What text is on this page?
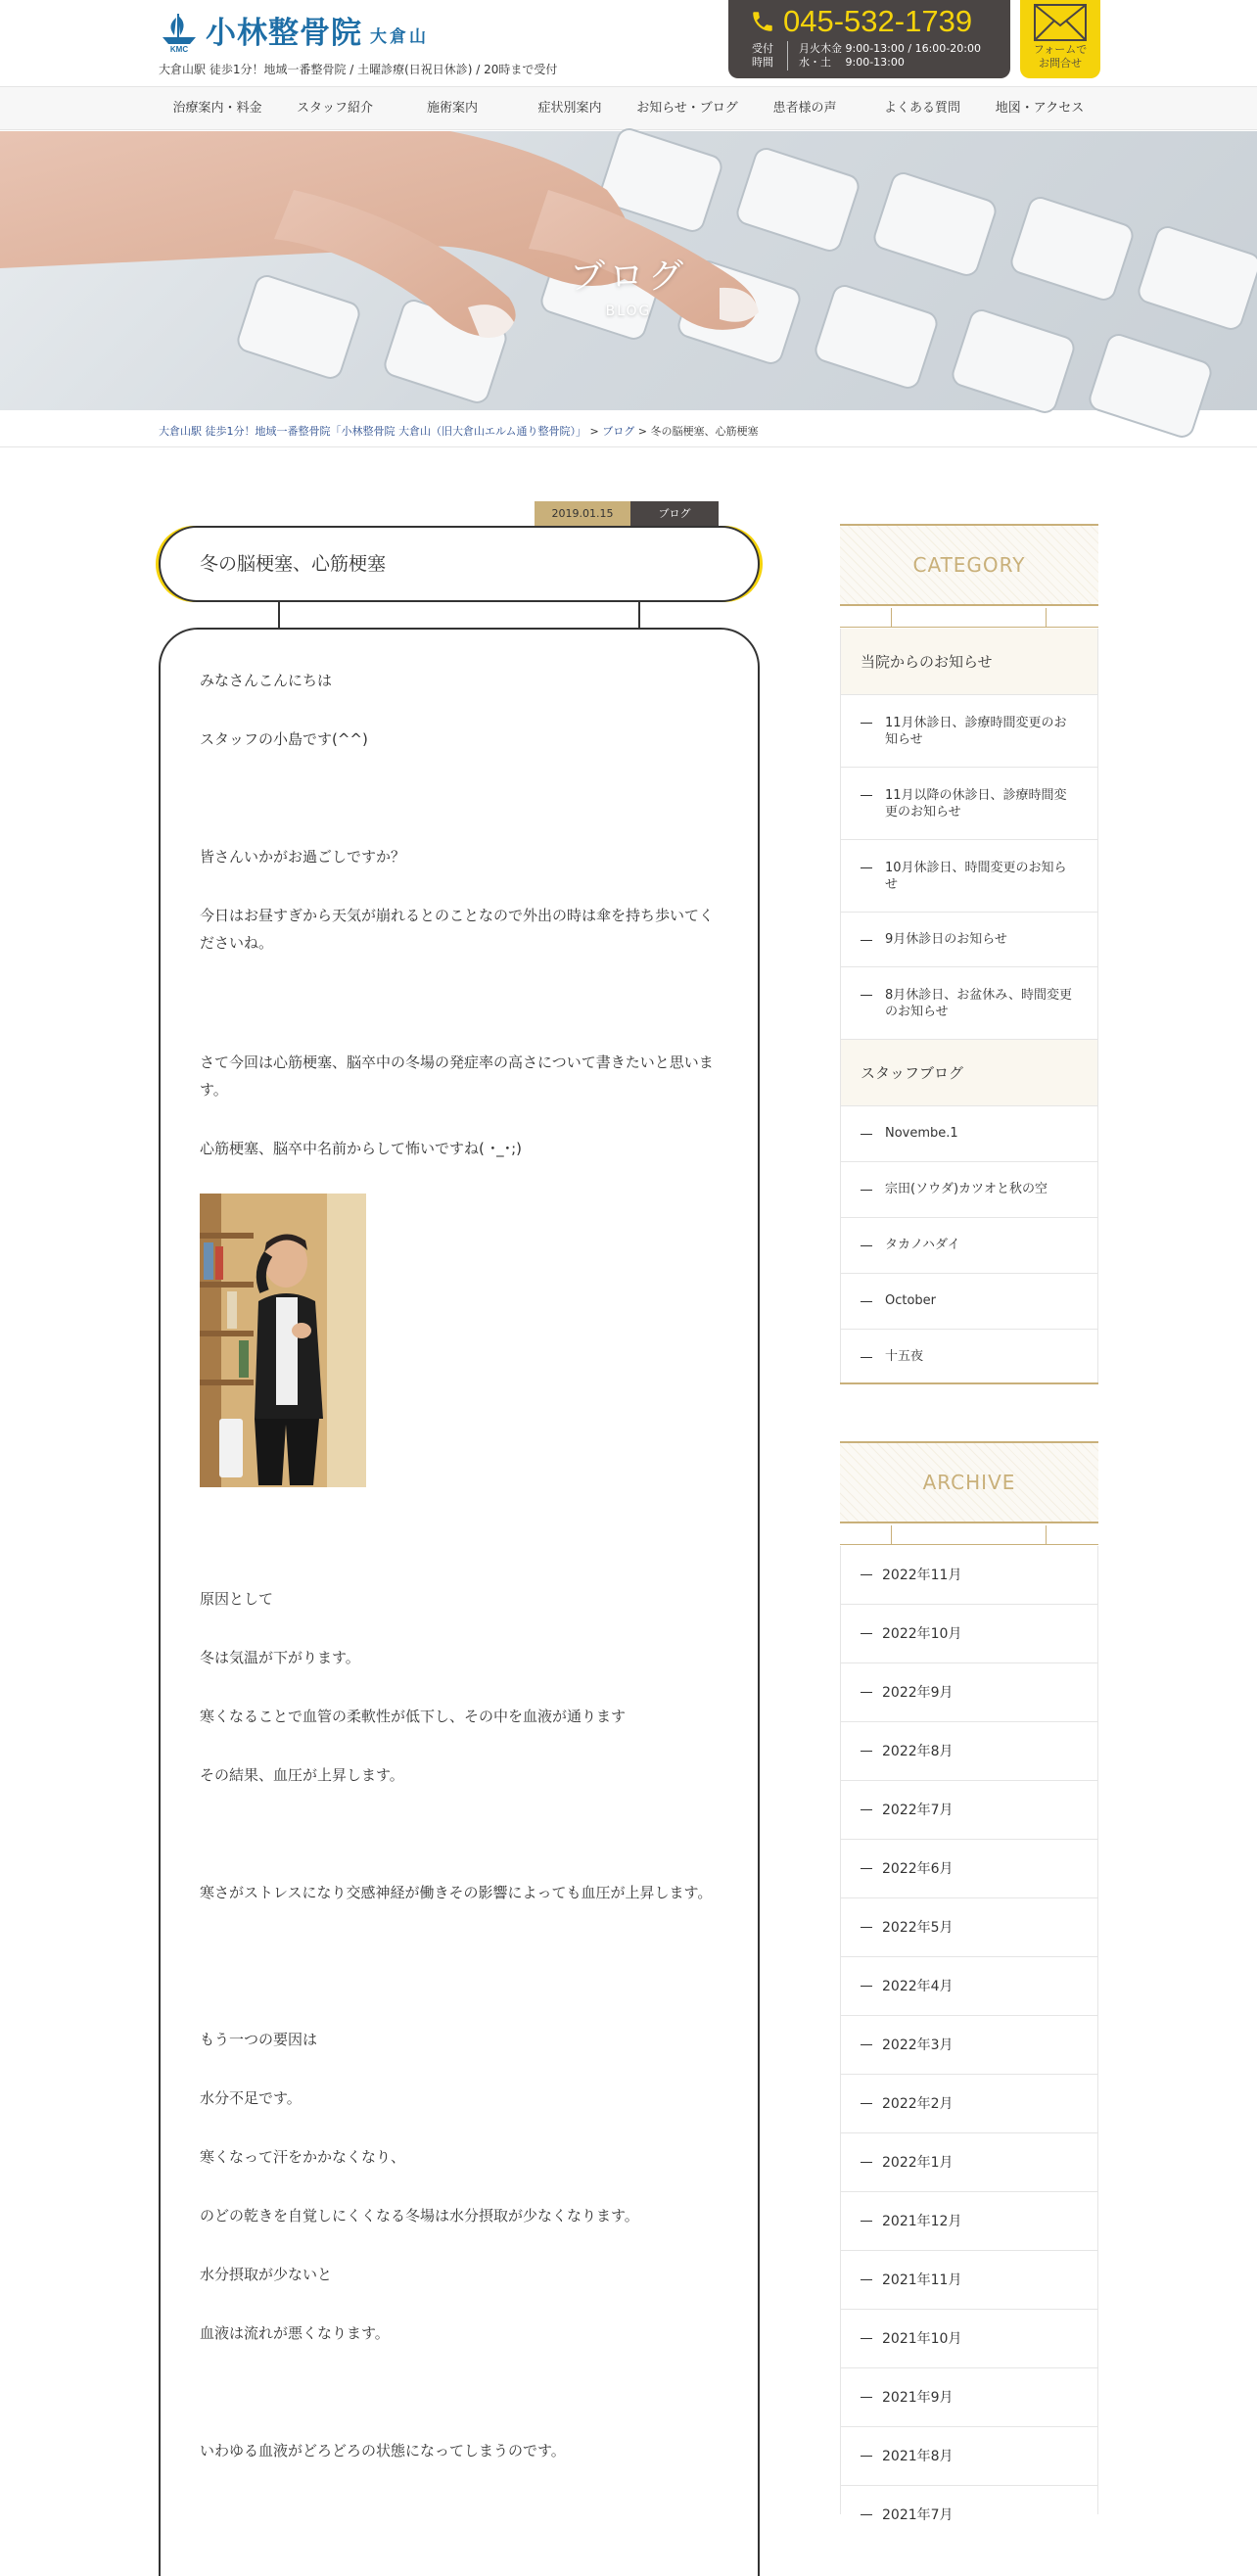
KMC 小林整骨院 大倉山
大倉山駅 徒歩1分！地域一番整骨院 / 土曜診療(日祝日休診) / 20時まで受付
045-532-1739
受付
時間
月火木金 9:00-13:00 / 16:00-20:00
水・土　 9:00-13:00
フォームで
お問合せ
治療案内・料金	スタッフ紹介	施術案内	症状別案内	お知らせ・ブログ	患者様の声	よくある質問	地図・アクセス
ブログ
BLOG
大倉山駅 徒歩1分！地域一番整骨院「小林整骨院 大倉山（旧大倉山エルム通り整骨院）」 > ブログ > 冬の脳梗塞、心筋梗塞
2019.01.15	ブログ
冬の脳梗塞、心筋梗塞

みなさんこんにちは

スタッフの小島です(^^)

皆さんいかがお過ごしですか？

今日はお昼すぎから天気が崩れるとのことなので外出の時は傘を持ち歩いてくださいね。

さて今回は心筋梗塞、脳卒中の冬場の発症率の高さについて書きたいと思います。

心筋梗塞、脳卒中名前からして怖いですね( ･_･;)

原因として

冬は気温が下がります。

寒くなることで血管の柔軟性が低下し、その中を血液が通ります

その結果、血圧が上昇します。

寒さがストレスになり交感神経が働きその影響によっても血圧が上昇します。

もう一つの要因は

水分不足です。

寒くなって汗をかかなくなり、

のどの乾きを自覚しにくくなる冬場は水分摂取が少なくなります。

水分摂取が少ないと

血液は流れが悪くなります。

いわゆる血液がどろどろの状態になってしまうのです。

CATEGORY
当院からのお知らせ
11月休診日、診療時間変更のお知らせ
11月以降の休診日、診療時間変更のお知らせ
10月休診日、時間変更のお知らせ
9月休診日のお知らせ
8月休診日、お盆休み、時間変更のお知らせ
スタッフブログ
Novembe.1
宗田(ソウダ)カツオと秋の空
タカノハダイ
October
十五夜
ARCHIVE
2022年11月
2022年10月
2022年9月
2022年8月
2022年7月
2022年6月
2022年5月
2022年4月
2022年3月
2022年2月
2022年1月
2021年12月
2021年11月
2021年10月
2021年9月
2021年8月
2021年7月
